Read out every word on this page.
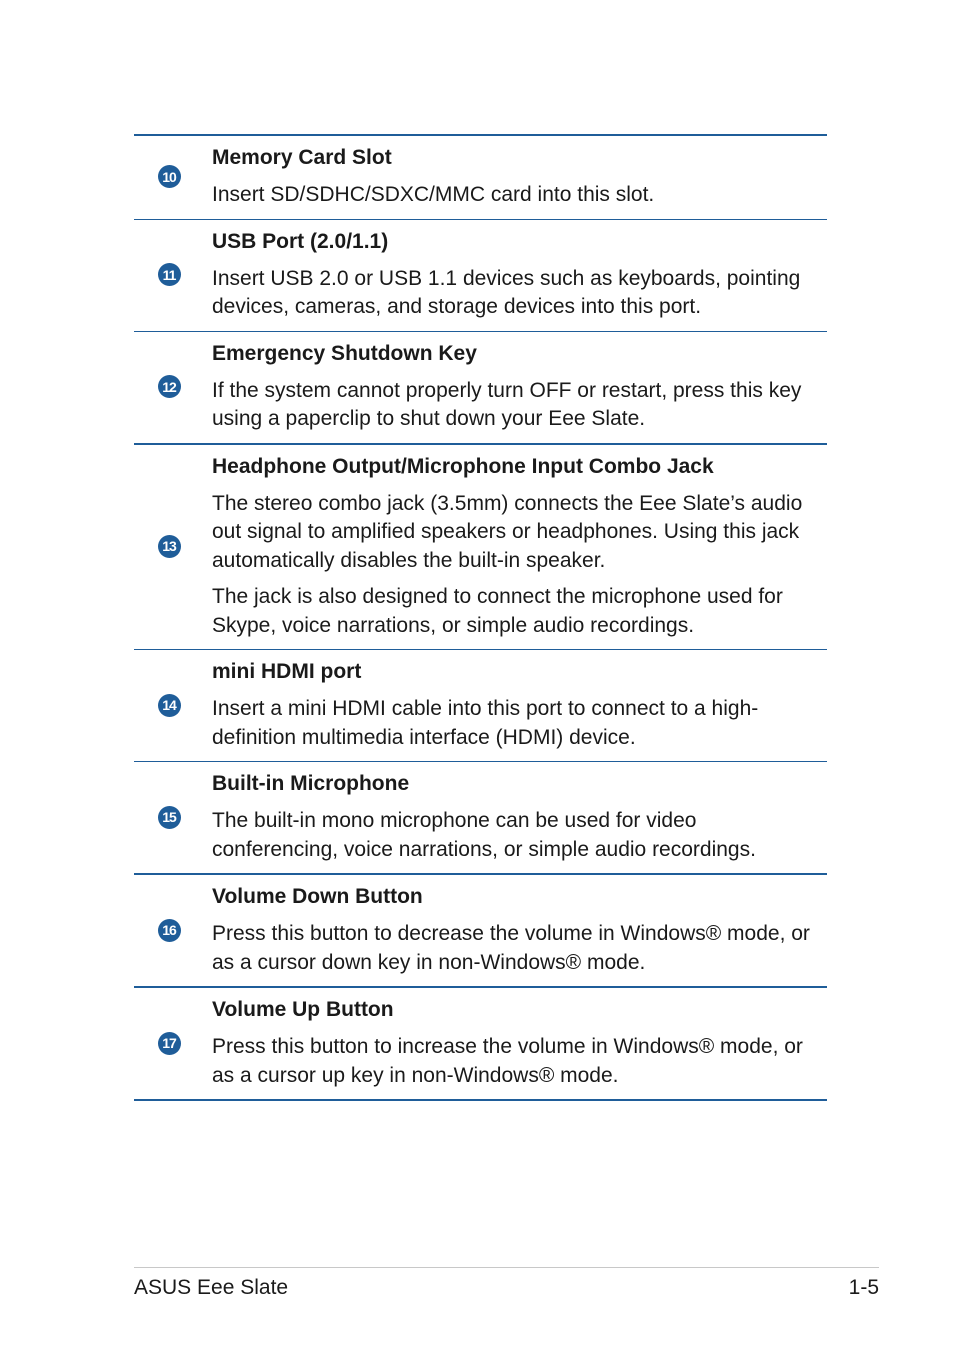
10

Memory Card Slot

Insert SD/SDHC/SDXC/MMC card into this slot.

11

USB Port (2.0/1.1)

Insert USB 2.0 or USB 1.1 devices such as keyboards, pointing devices, cameras, and storage devices into this port.

12

Emergency Shutdown Key

If the system cannot properly turn OFF or restart, press this key using a paperclip to shut down your Eee Slate.

13

Headphone Output/Microphone Input Combo Jack

The stereo combo jack (3.5mm) connects the Eee Slate’s audio out signal to amplified speakers or headphones. Using this jack automatically disables the built-in speaker.

The jack is also designed to connect the microphone used for Skype, voice narrations, or simple audio recordings.

14

mini HDMI port

Insert a mini HDMI cable into this port to connect to a high-definition multimedia interface (HDMI) device.

15

Built-in Microphone

The built-in mono microphone can be used for video conferencing, voice narrations, or simple audio recordings.

16

Volume Down Button

Press this button to decrease the volume in Windows® mode, or as a cursor down key in non-Windows® mode.

17

Volume Up Button

Press this button to increase the volume in Windows® mode, or as a cursor up key in non-Windows® mode.

ASUS Eee Slate	1-5
